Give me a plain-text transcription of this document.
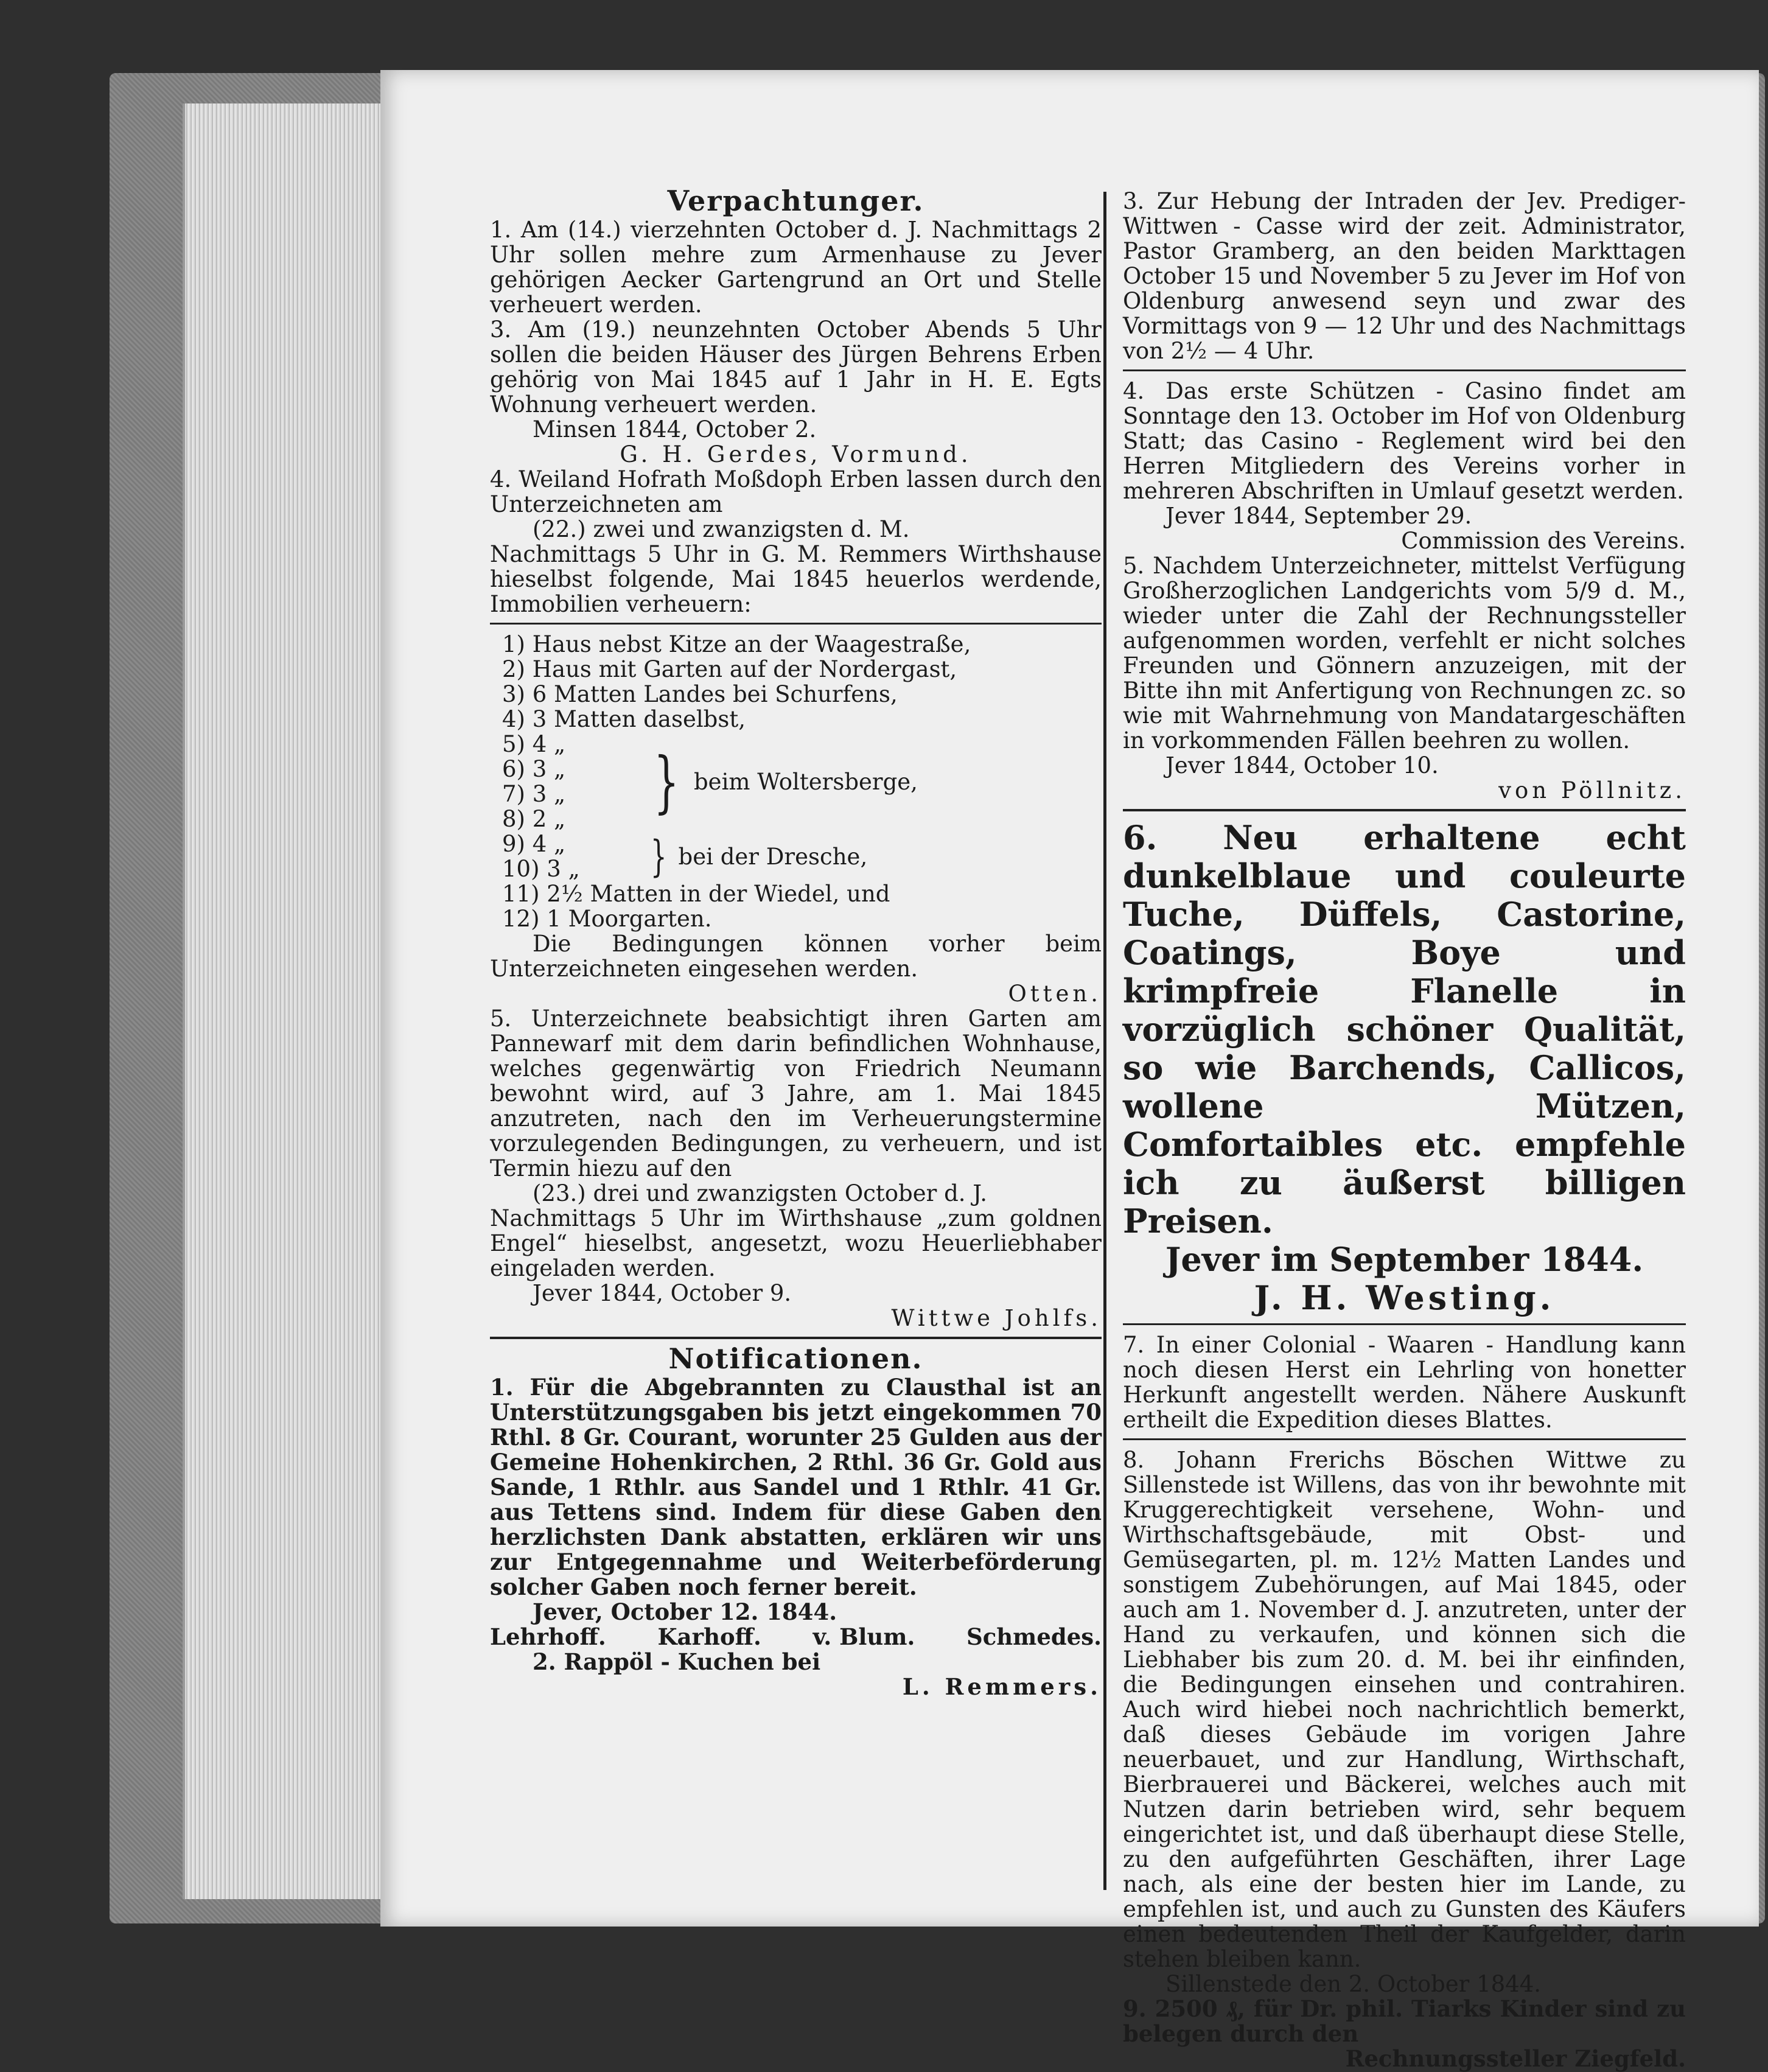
Verpachtunger.

1. Am (14.) vierzehnten October d. J. Nachmittags 2 Uhr sollen mehre zum Armenhause zu Jever gehörigen Aecker Gartengrund an Ort und Stelle verheuert werden.

3. Am (19.) neunzehnten October Abends 5 Uhr sollen die beiden Häuser des Jürgen Behrens Erben gehörig von Mai 1845 auf 1 Jahr in H. E. Egts Wohnung verheuert werden.

Minsen 1844, October 2.

G. H. Gerdes, Vormund.

4. Weiland Hofrath Moßdoph Erben lassen durch den Unterzeichneten am

(22.) zwei und zwanzigsten d. M.

Nachmittags 5 Uhr in G. M. Remmers Wirthshause hieselbst folgende, Mai 1845 heuerlos werdende, Immobilien verheuern:

1) Haus nebst Kitze an der Waagestraße,

2) Haus mit Garten auf der Nordergast,

3) 6 Matten Landes bei Schurfens,

4) 3 Matten daselbst,

5) 4 „

6) 3 „

7) 3 „

8) 2 „	} beim Woltersberge,

9) 4 „

10) 3 „	} bei der Dresche,

11) 2½ Matten in der Wiedel, und

12) 1 Moorgarten.

Die Bedingungen können vorher beim Unterzeichneten eingesehen werden.

Otten.

5. Unterzeichnete beabsichtigt ihren Garten am Pannewarf mit dem darin befindlichen Wohnhause, welches gegenwärtig von Friedrich Neumann bewohnt wird, auf 3 Jahre, am 1. Mai 1845 anzutreten, nach den im Verheuerungstermine vorzulegenden Bedingungen, zu verheuern, und ist Termin hiezu auf den

(23.) drei und zwanzigsten October d. J.

Nachmittags 5 Uhr im Wirthshause „zum goldnen Engel“ hieselbst, angesetzt, wozu Heuerliebhaber eingeladen werden.

Jever 1844, October 9.

Wittwe Johlfs.

Notificationen.

1. Für die Abgebrannten zu Clausthal ist an Unterstützungsgaben bis jetzt eingekommen 70 Rthl. 8 Gr. Courant, worunter 25 Gulden aus der Gemeine Hohenkirchen, 2 Rthl. 36 Gr. Gold aus Sande, 1 Rthlr. aus Sandel und 1 Rthlr. 41 Gr. aus Tettens sind. Indem für diese Gaben den herzlichsten Dank abstatten, erklären wir uns zur Entgegennahme und Weiterbeförderung solcher Gaben noch ferner bereit.

Jever, October 12. 1844.

Lehrhoff. Karhoff. v. Blum. Schmedes.

2. Rappöl - Kuchen bei

L. Remmers.

3. Zur Hebung der Intraden der Jev. Prediger-Wittwen - Casse wird der zeit. Administrator, Pastor Gramberg, an den beiden Markttagen October 15 und November 5 zu Jever im Hof von Oldenburg anwesend seyn und zwar des Vormittags von 9 — 12 Uhr und des Nachmittags von 2½ — 4 Uhr.

4. Das erste Schützen - Casino findet am Sonntage den 13. October im Hof von Oldenburg Statt; das Casino - Reglement wird bei den Herren Mitgliedern des Vereins vorher in mehreren Abschriften in Umlauf gesetzt werden.

Jever 1844, September 29.

Commission des Vereins.

5. Nachdem Unterzeichneter, mittelst Verfügung Großherzoglichen Landgerichts vom 5/9 d. M., wieder unter die Zahl der Rechnungssteller aufgenommen worden, verfehlt er nicht solches Freunden und Gönnern anzuzeigen, mit der Bitte ihn mit Anfertigung von Rechnungen zc. so wie mit Wahrnehmung von Mandatargeschäften in vorkommenden Fällen beehren zu wollen.

Jever 1844, October 10.

von Pöllnitz.

6. Neu erhaltene echt dunkelblaue und couleurte Tuche, Düffels, Castorine, Coatings, Boye und krimpfreie Flanelle in vorzüglich schöner Qualität, so wie Barchends, Callicos, wollene Mützen, Comfortaibles etc. empfehle ich zu äußerst billigen Preisen.

Jever im September 1844.

J. H. Westing.

7. In einer Colonial - Waaren - Handlung kann noch diesen Herst ein Lehrling von honetter Herkunft angestellt werden. Nähere Auskunft ertheilt die Expedition dieses Blattes.

8. Johann Frerichs Böschen Wittwe zu Sillenstede ist Willens, das von ihr bewohnte mit Kruggerechtigkeit versehene, Wohn- und Wirthschaftsgebäude, mit Obst- und Gemüsegarten, pl. m. 12½ Matten Landes und sonstigem Zubehörungen, auf Mai 1845, oder auch am 1. November d. J. anzutreten, unter der Hand zu verkaufen, und können sich die Liebhaber bis zum 20. d. M. bei ihr einfinden, die Bedingungen einsehen und contrahiren. Auch wird hiebei noch nachrichtlich bemerkt, daß dieses Gebäude im vorigen Jahre neuerbauet, und zur Handlung, Wirthschaft, Bierbrauerei und Bäckerei, welches auch mit Nutzen darin betrieben wird, sehr bequem eingerichtet ist, und daß überhaupt diese Stelle, zu den aufgeführten Geschäften, ihrer Lage nach, als eine der besten hier im Lande, zu empfehlen ist, und auch zu Gunsten des Käufers einen bedeutenden Theil der Kaufgelder, darin stehen bleiben kann.

Sillenstede den 2. October 1844.

9. 2500 ₰, für Dr. phil. Tiarks Kinder sind zu belegen durch den

Rechnungssteller Ziegfeld.
